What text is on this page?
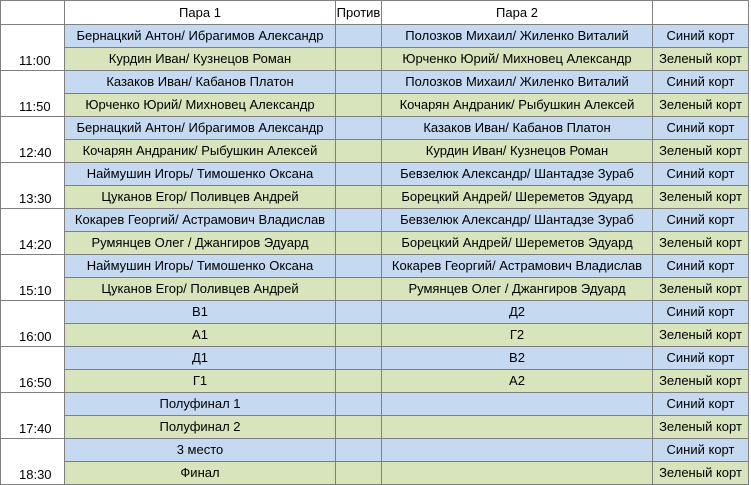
	Пара 1	Против	Пара 2	
11:00	Бернацкий Антон/ Ибрагимов Александр		Полозков Михаил/ Жиленко Виталий	Синий корт
	Курдин Иван/ Кузнецов Роман		Юрченко Юрий/ Михновец Александр	Зеленый корт
11:50	Казаков Иван/ Кабанов Платон		Полозков Михаил/ Жиленко Виталий	Синий корт
	Юрченко Юрий/ Михновец Александр		Кочарян Андраник/ Рыбушкин Алексей	Зеленый корт
12:40	Бернацкий Антон/ Ибрагимов Александр		Казаков Иван/ Кабанов Платон	Синий корт
	Кочарян Андраник/ Рыбушкин Алексей		Курдин Иван/ Кузнецов Роман	Зеленый корт
13:30	Наймушин Игорь/ Тимошенко Оксана		Бевзелюк Александр/ Шантадзе Зураб	Синий корт
	Цуканов Егор/ Поливцев Андрей		Борецкий Андрей/ Шереметов Эдуард	Зеленый корт
14:20	Кокарев Георгий/ Астрамович Владислав		Бевзелюк Александр/ Шантадзе Зураб	Синий корт
	Румянцев Олег / Джангиров Эдуард		Борецкий Андрей/ Шереметов Эдуард	Зеленый корт
15:10	Наймушин Игорь/ Тимошенко Оксана		Кокарев Георгий/ Астрамович Владислав	Синий корт
	Цуканов Егор/ Поливцев Андрей		Румянцев Олег / Джангиров Эдуард	Зеленый корт
16:00	В1		Д2	Синий корт
	А1		Г2	Зеленый корт
16:50	Д1		В2	Синий корт
	Г1		А2	Зеленый корт
17:40	Полуфинал 1			Синий корт
	Полуфинал 2			Зеленый корт
18:30	3 место			Синий корт
	Финал			Зеленый корт
